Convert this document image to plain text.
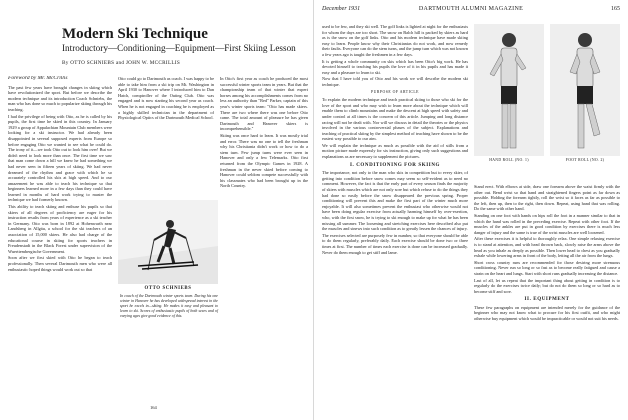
Modern Ski Technique
Introductory—Conditioning—Equipment—First Skiing Lesson
By OTTO SCHNIEBS and JOHN W. MCCRILLIS
Foreword by Mr. McCrillis

The past few years have brought changes in skiing which have revolutionized the sport. But before we describe the modern technique and its introduction Coach Schniebs, the man who has done so much to popularize skiing through his teaching.

I had the privilege of being with Otto, as he is called by his pupils, the first time he skied in this country. In January 1929 a group of Appalachian Mountain Club members were looking for a ski instructor. We had already been disappointed in several supposed experts from Europe so before engaging Otto we wanted to see what he could do. The irony of it—we took Otto out to look him over! But we didn't need to look more than once. The first time we saw that man come down a hill we knew he had something we had never seen in fifteen years of skiing. We had never dreamed of the rhythm and grace with which he so accurately controlled his skis at high speed. And to our amazement he was able to teach his technique so that beginners learned more in a few days than they could have learned in months of hard work trying to master the technique we had formerly known.

This ability to teach skiing and enthuse his pupils so that skiers of all degrees of proficiency are eager for his instruction results from years of experience as a ski teacher in Germany. Otto was born in 1892 at Hohenwarth near Landsberg in Allgäu, a school for the ski teachers of an association of 15,000 skiers. He also had charge of the educational course in skiing for sports teachers in Freudenstadt in the Black Forest under supervision of the Wuerttembergische Government.

Soon after we first skied with Otto he began to teach professionally. Then several Dartmouth men who were all enthusiastic hoped things would work out so that

Otto could go to Dartmouth as coach. I was happy to be able to take him from a ski trip on Mt. Washington in April 1930 to Hanover where I introduced him to Dan Hatch, comptroller of the Outing Club. Otto was engaged and is now starting his second year as coach. When he is not engaged in coaching he is employed as a highly skilled technician in the department of Physiological Optics of the Dartmouth Medical School.

OTTO SCHNIEBS

In coach of the Dartmouth winter sports team. During his one winter in Hanover he has developed widespread interest in the sport he excels in—skiing. He makes it easy and pleasant to learn to ski. Scores of enthusiastic pupils of both sexes and of varying ages give good evidence of this.

In Otto's first year as coach he produced the most successful winter sports team in years. But that the championship team of that winter that expert horses among his accomplishments comes from no less an authority than "Red" Parker, captain of this year's winter sports team: "Otto has made skiers. There are two where there was one before Otto came. The total amount of pleasure he has given Dartmouth and Hanover skiers is incomprehensible."

Skiing was once hard to learn. It was mostly trial and error. There was no one to tell the freshman why his Christiania didn't work or how to do a stem turn. Few jump turns were ever seen in Hanover and only a few Telemarks. Otto first returned from the Olympic Games in 1928. A freshman in the never skied before coming to Hanover could seldom compete successfully with his classmates who had been brought up in the North Country.

164
December 1931	DARTMOUTH ALUMNI MAGAZINE	165

used to be few, and they ski well. The golf links is lighted at night for the enthusiasts for whom the days are too short. The snow on Balch hill is packed by skiers as hard as is the snow on the golf links. Otto and his modern technique have made skiing easy to learn. People know why their Christianias do not work, and now remedy their faults. Everyone can do the stem turns, and the jump turn which was not known a few years ago is taught the freshmen in a few days.

It is getting a whole community on skis which has been Otto's big work. He has devoted himself to teaching his pupils the love of it in his pupils and has made it easy and a pleasure to learn to ski.

Now that I have told you of Otto and his work we will describe the modern ski technique.

PURPOSE OF ARTICLE

To explain the modern technique and teach practical skiing to those who ski for the love of the sport and who may wish to learn more about the technique which will enable them to climb mountains and make the descent at high speed with safety and under control at all times is the concern of this article. Jumping and long distance racing will not be dealt with. Nor will we discuss in detail the theories or the physics involved in the various controversial phases of the subject. Explanations and teaching of practical skiing by the simplest method of teaching have shown to be the easiest way possible to our aim.

We will explain the technique as much as possible with the aid of stills from a motion picture made expressly for six instruction, giving only such suggestions and explanations as are necessary to supplement the pictures.

I. CONDITIONING FOR SKIING

The importance, not only to the man who skis in competition but to every skier, of getting into condition before snow comes may seem so self-evident as to need no comment. However, the fact is that the early part of every season finds the majority of skiers with muscles which are not only sore but which refuse to do the things they had done so easily before the snow disappeared the previous spring. Proper conditioning will prevent this and make the first part of the winter much more enjoyable. It will also sometimes prevent the enthusiast who otherwise would not have been doing regular exercise from actually harming himself by over-exertion, who, with the first snow, he is trying to ski enough to make up for what he has been missing all summer. The loosening and stretching exercises here described also put the muscles and sinews into such condition as to greatly lessen the chances of injury.

The exercises selected are purposely few in number, so that everyone should be able to do them regularly, preferably daily. Each exercise should be done two or three times at first. The number of times each exercise is done can be increased gradually. Never do them enough to get stiff and lame.

HAND ROLL (NO. 1)	FOOT ROLL (NO. 2)

Stand erect. With elbows at side, draw one forearm above the waist firmly with the other out. Bend wrist so that hand and straightened fingers point as far down as possible. Holding the forearm tightly, roll the wrist so it faces as far as possible to the left, then up, then to the right, then down. Repeat, using hand that was rolling. Do the same with other hand.

Standing on one foot with hands on hips roll the foot in a manner similar to that in which the hand was rolled in the preceding exercise. Repeat with other foot. If the muscles of the ankles are put in good condition by exercises there is much less danger of injury and the same is true of the wrist muscles are well loosened.

After these exercises it is helpful to thoroughly relax. One simple relaxing exercise is to stand at attention, and with head thrown back, slowly raise the arms above the head as you inhale as deeply as possible. Then lower head to chest as you gradually exhale while lowering arms in front of the body, letting all the air from the lungs.

Short cross country runs are recommended for those desiring more strenuous conditioning. Never run so long or so fast as to become really fatigued and cause a strain on the heart and lungs. Start with short runs gradually increasing the distance.

Last of all, let us repeat that the important thing about getting in condition is to regularly do the exercises twice daily; but do not do them so long or so hard as to become stiff and sore.

II. EQUIPMENT

These few paragraphs on equipment are intended merely for the guidance of the beginner who may not know what to procure for his first outfit, and who might otherwise buy equipment which would be impracticable or would not suit his needs.
